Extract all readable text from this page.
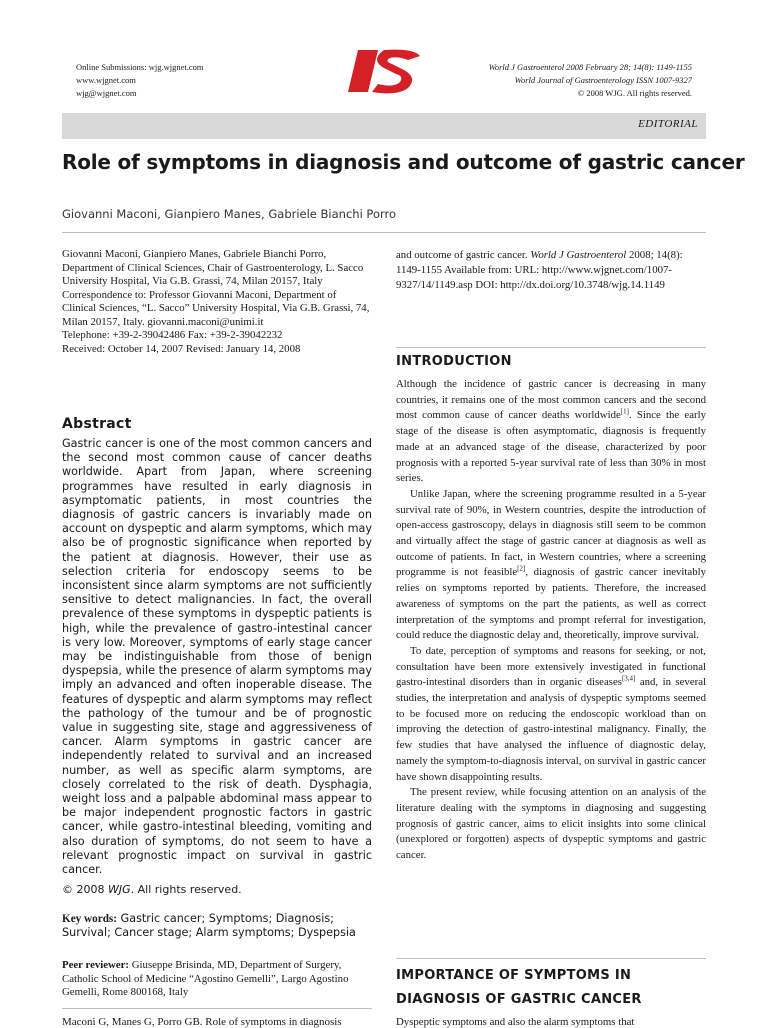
Online Submissions: wjg.wjgnet.com
www.wjgnet.com
wjg@wjgnet.com
World J Gastroenterol 2008 February 28; 14(8): 1149-1155
World Journal of Gastroenterology ISSN 1007-9327
© 2008 WJG. All rights reserved.
EDITORIAL
Role of symptoms in diagnosis and outcome of gastric cancer
Giovanni Maconi, Gianpiero Manes, Gabriele Bianchi Porro

Giovanni Maconi, Gianpiero Manes, Gabriele Bianchi Porro, Department of Clinical Sciences, Chair of Gastroenterology, L. Sacco University Hospital, Via G.B. Grassi, 74, Milan 20157, Italy

Correspondence to: Professor Giovanni Maconi, Department of Clinical Sciences, “L. Sacco” University Hospital, Via G.B. Grassi, 74, Milan 20157, Italy. giovanni.maconi@unimi.it

Telephone: +39-2-39042486 Fax: +39-2-39042232

Received: October 14, 2007 Revised: January 14, 2008

Abstract
Gastric cancer is one of the most common cancers and the second most common cause of cancer deaths worldwide. Apart from Japan, where screening programmes have resulted in early diagnosis in asymptomatic patients, in most countries the diagnosis of gastric cancers is invariably made on account on dyspeptic and alarm symptoms, which may also be of prognostic significance when reported by the patient at diagnosis. However, their use as selection criteria for endoscopy seems to be inconsistent since alarm symptoms are not sufficiently sensitive to detect malignancies. In fact, the overall prevalence of these symptoms in dyspeptic patients is high, while the prevalence of gastro-intestinal cancer is very low. Moreover, symptoms of early stage cancer may be indistinguishable from those of benign dyspepsia, while the presence of alarm symptoms may imply an advanced and often inoperable disease. The features of dyspeptic and alarm symptoms may reflect the pathology of the tumour and be of prognostic value in suggesting site, stage and aggressiveness of cancer. Alarm symptoms in gastric cancer are independently related to survival and an increased number, as well as specific alarm symptoms, are closely correlated to the risk of death. Dysphagia, weight loss and a palpable abdominal mass appear to be major independent prognostic factors in gastric cancer, while gastro-intestinal bleeding, vomiting and also duration of symptoms, do not seem to have a relevant prognostic impact on survival in gastric cancer.
© 2008 WJG. All rights reserved.
Key words: Gastric cancer; Symptoms; Diagnosis; Survival; Cancer stage; Alarm symptoms; Dyspepsia
Peer reviewer: Giuseppe Brisinda, MD, Department of Surgery, Catholic School of Medicine “Agostino Gemelli”, Largo Agostino Gemelli, Rome 800168, Italy
Maconi G, Manes G, Porro GB. Role of symptoms in diagnosis
and outcome of gastric cancer. World J Gastroenterol 2008; 14(8): 1149-1155 Available from: URL: http://www.wjgnet.com/1007-9327/14/1149.asp DOI: http://dx.doi.org/10.3748/wjg.14.1149
INTRODUCTION

Although the incidence of gastric cancer is decreasing in many countries, it remains one of the most common cancers and the second most common cause of cancer deaths worldwide[1]. Since the early stage of the disease is often asymptomatic, diagnosis is frequently made at an advanced stage of the disease, characterized by poor prognosis with a reported 5-year survival rate of less than 30% in most series.

Unlike Japan, where the screening programme resulted in a 5-year survival rate of 90%, in Western countries, despite the introduction of open-access gastroscopy, delays in diagnosis still seem to be common and virtually affect the stage of gastric cancer at diagnosis as well as outcome of patients. In fact, in Western countries, where a screening programme is not feasible[2], diagnosis of gastric cancer inevitably relies on symptoms reported by patients. Therefore, the increased awareness of symptoms on the part the patients, as well as correct interpretation of the symptoms and prompt referral for investigation, could reduce the diagnostic delay and, theoretically, improve survival.

To date, perception of symptoms and reasons for seeking, or not, consultation have been more extensively investigated in functional gastro-intestinal disorders than in organic diseases[3,4] and, in several studies, the interpretation and analysis of dyspeptic symptoms seemed to be focused more on reducing the endoscopic workload than on improving the detection of gastro-intestinal malignancy. Finally, the few studies that have analysed the influence of diagnostic delay, namely the symptom-to-diagnosis interval, on survival in gastric cancer have shown disappointing results.

The present review, while focusing attention on an analysis of the literature dealing with the symptoms in diagnosing and suggesting prognosis of gastric cancer, aims to elicit insights into some clinical (unexplored or forgotten) aspects of dyspeptic symptoms and gastric cancer.

IMPORTANCE OF SYMPTOMS IN
DIAGNOSIS OF GASTRIC CANCER
Dyspeptic symptoms and also the alarm symptoms that
